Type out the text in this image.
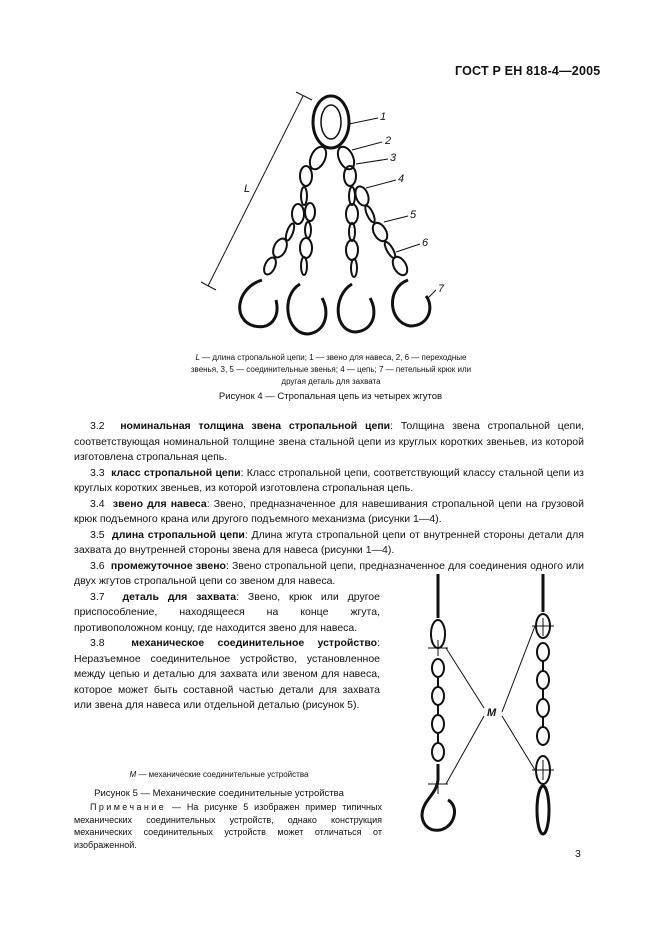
ГОСТ Р ЕН 818-4—2005
L
1
2
3
4
5
6
7
L — длина стропальной цепи; 1 — звено для навеса, 2, 6 — переходные звенья, 3, 5 — соединительные звенья; 4 — цепь; 7 — петельный крюк или другая деталь для захвата
Рисунок 4 — Стропальная цепь из четырех жгутов

3.2 номинальная толщина звена стропальной цепи: Толщина звена стропальной цепи, соответствующая номинальной толщине звена стальной цепи из круглых коротких звеньев, из которой изготовлена стропальная цепь.

3.3 класс стропальной цепи: Класс стропальной цепи, соответствующий классу стальной цепи из круглых коротких звеньев, из которой изготовлена стропальная цепь.

3.4 звено для навеса: Звено, предназначенное для навешивания стропальной цепи на грузовой крюк подъемного крана или другого подъемного механизма (рисунки 1—4).

3.5 длина стропальной цепи: Длина жгута стропальной цепи от внутренней стороны детали для захвата до внутренней стороны звена для навеса (рисунки 1—4).

3.6 промежуточное звено: Звено стропальной цепи, предназначенное для соединения одного или двух жгутов стропальной цепи со звеном для навеса.

3.7 деталь для захвата: Звено, крюк или другое приспособление, находящееся на конце жгута, противоположном концу, где находится звено для навеса.

3.8	механическое соединительное устройство: Неразъемное соединительное устройство, установленное между цепью и деталью для захвата или звеном для навеса, которое может быть составной частью детали для захвата или звена для навеса или отдельной деталью (рисунок 5).

M
M — механические соединительные устройства
Рисунок 5 — Механические соединительные устройства

Примечание — На рисунке 5 изображен пример типичных механических соединительных устройств, однако конструкция механических соединительных устройств может отличаться от изображенной.

3
